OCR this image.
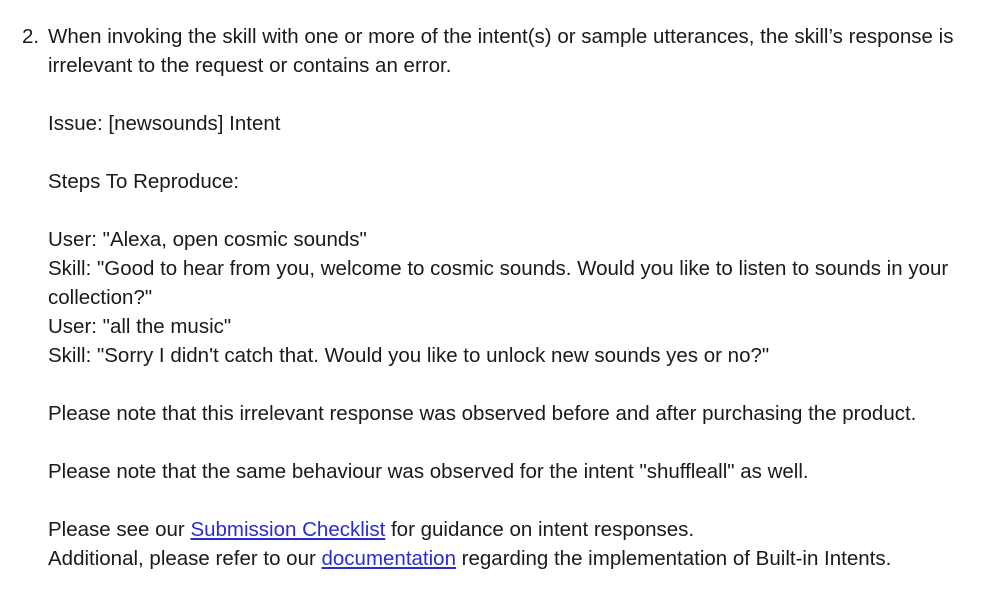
2. When invoking the skill with one or more of the intent(s) or sample utterances, the skill’s response is irrelevant to the request or contains an error.

Issue: [newsounds] Intent

Steps To Reproduce:

User: "Alexa, open cosmic sounds"

Skill: "Good to hear from you, welcome to cosmic sounds. Would you like to listen to sounds in your collection?"

User: "all the music"

Skill: "Sorry I didn't catch that. Would you like to unlock new sounds yes or no?"

Please note that this irrelevant response was observed before and after purchasing the product.

Please note that the same behaviour was observed for the intent "shuffleall" as well.

Please see our Submission Checklist for guidance on intent responses.

Additional, please refer to our documentation regarding the implementation of Built-in Intents.
